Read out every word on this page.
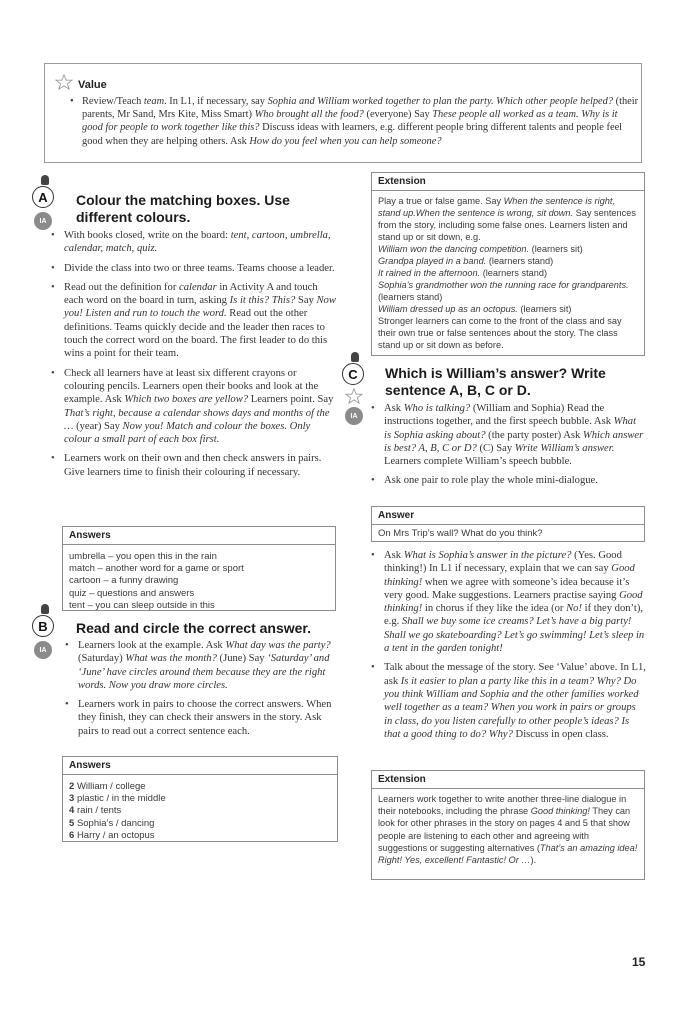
Value
• Review/Teach team. In L1, if necessary, say Sophia and William worked together to plan the party. Which other people helped? (their parents, Mr Sand, Mrs Kite, Miss Smart) Who brought all the food? (everyone) Say These people all worked as a team. Why is it good for people to work together like this? Discuss ideas with learners, e.g. different people bring different talents and people feel good when they are helping others. Ask How do you feel when you can help someone?
A
IA
Colour the matching boxes. Use different colours.
• With books closed, write on the board: tent, cartoon, umbrella, calendar, match, quiz.
• Divide the class into two or three teams. Teams choose a leader.
• Read out the definition for calendar in Activity A and touch each word on the board in turn, asking Is it this? This? Say Now you! Listen and run to touch the word. Read out the other definitions. Teams quickly decide and the leader then races to touch the correct word on the board. The first leader to do this wins a point for their team.
• Check all learners have at least six different crayons or colouring pencils. Learners open their books and look at the example. Ask Which two boxes are yellow? Learners point. Say That’s right, because a calendar shows days and months of the … (year) Say Now you! Match and colour the boxes. Only colour a small part of each box first.
• Learners work on their own and then check answers in pairs. Give learners time to finish their colouring if necessary.
Answers
umbrella – you open this in the rain
match – another word for a game or sport
cartoon – a funny drawing
quiz – questions and answers
tent – you can sleep outside in this
B
IA
Read and circle the correct answer.
• Learners look at the example. Ask What day was the party? (Saturday) What was the month? (June) Say ‘Saturday’ and ‘June’ have circles around them because they are the right words. Now you draw more circles.
• Learners work in pairs to choose the correct answers. When they finish, they can check their answers in the story. Ask pairs to read out a correct sentence each.
Answers
2 William / college
3 plastic / in the middle
4 rain / tents
5 Sophia’s / dancing
6 Harry / an octopus
Extension
Play a true or false game. Say When the sentence is right, stand up.When the sentence is wrong, sit down. Say sentences from the story, including some false ones. Learners listen and stand up or sit down, e.g.
William won the dancing competition. (learners sit)
Grandpa played in a band. (learners stand)
It rained in the afternoon. (learners stand)
Sophia’s grandmother won the running race for grandparents. (learners stand)
William dressed up as an octopus. (learners sit)
Stronger learners can come to the front of the class and say their own true or false sentences about the story. The class stand up or sit down as before.
C
IA
Which is William’s answer? Write sentence A, B, C or D.
• Ask Who is talking? (William and Sophia) Read the instructions together, and the first speech bubble. Ask What is Sophia asking about? (the party poster) Ask Which answer is best? A, B, C or D? (C) Say Write William’s answer. Learners complete William’s speech bubble.
• Ask one pair to role play the whole mini-dialogue.
Answer
On Mrs Trip’s wall? What do you think?
• Ask What is Sophia’s answer in the picture? (Yes. Good thinking!) In L1 if necessary, explain that we can say Good thinking! when we agree with someone’s idea because it’s very good. Make suggestions. Learners practise saying Good thinking! in chorus if they like the idea (or No! if they don’t), e.g. Shall we buy some ice creams? Let’s have a big party! Shall we go skateboarding? Let’s go swimming! Let’s sleep in a tent in the garden tonight!
• Talk about the message of the story. See ‘Value’ above. In L1, ask Is it easier to plan a party like this in a team? Why? Do you think William and Sophia and the other families worked well together as a team? When you work in pairs or groups in class, do you listen carefully to other people’s ideas? Is that a good thing to do? Why? Discuss in open class.
Extension
Learners work together to write another three-line dialogue in their notebooks, including the phrase Good thinking! They can look for other phrases in the story on pages 4 and 5 that show people are listening to each other and agreeing with suggestions or suggesting alternatives (That’s an amazing idea! Right! Yes, excellent! Fantastic! Or …).
15
